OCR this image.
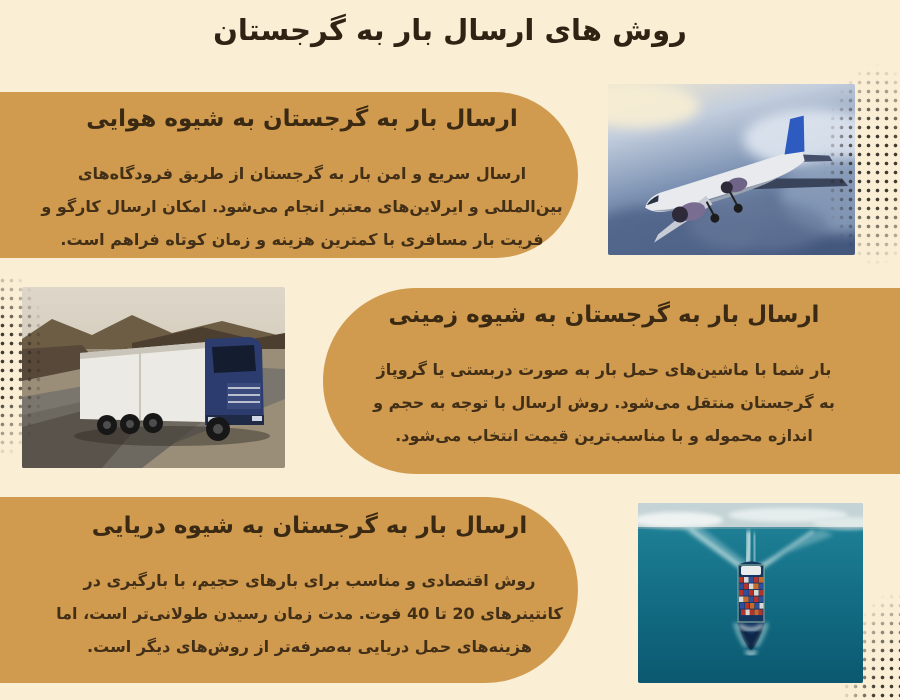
روش های ارسال بار به گرجستان
ارسال بار به گرجستان به شیوه هوایی

ارسال سریع و امن بار به گرجستان از طریق فرودگاه‌های بین‌المللی و ایرلاین‌های معتبر انجام می‌شود. امکان ارسال کارگو و فریت بار مسافری با کمترین هزینه و زمان کوتاه فراهم است.

ارسال بار به گرجستان به شیوه زمینی

بار شما با ماشین‌های حمل بار به صورت دربستی یا گروپاژ به گرجستان منتقل می‌شود. روش ارسال با توجه به حجم و اندازه محموله و با مناسب‌ترین قیمت انتخاب می‌شود.

ارسال بار به گرجستان به شیوه دریایی

روش اقتصادی و مناسب برای بارهای حجیم، با بارگیری در کانتینرهای 20 تا 40 فوت. مدت زمان رسیدن طولانی‌تر است، اما هزینه‌های حمل دریایی به‌صرفه‌تر از روش‌های دیگر است.
